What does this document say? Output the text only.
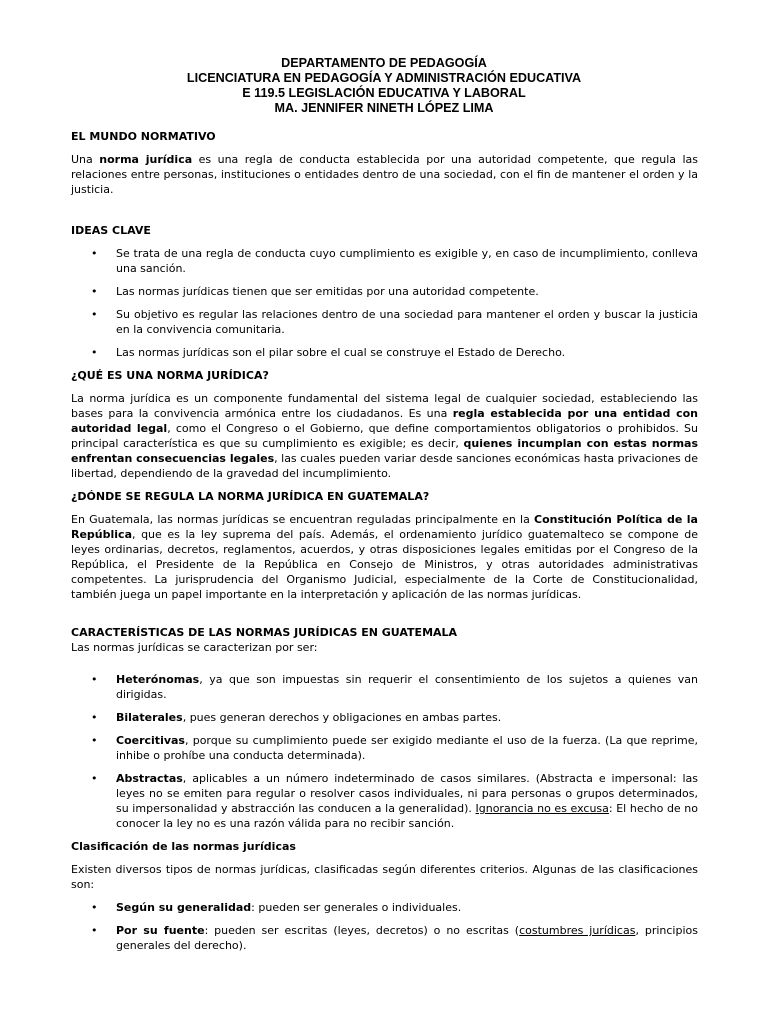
DEPARTAMENTO DE PEDAGOGÍA
LICENCIATURA EN PEDAGOGÍA Y ADMINISTRACIÓN EDUCATIVA
E 119.5 LEGISLACIÓN EDUCATIVA Y LABORAL
MA. JENNIFER NINETH LÓPEZ LIMA

EL MUNDO NORMATIVO

Una norma jurídica es una regla de conducta establecida por una autoridad competente, que regula las relaciones entre personas, instituciones o entidades dentro de una sociedad, con el fin de mantener el orden y la justicia.

IDEAS CLAVE

• Se trata de una regla de conducta cuyo cumplimiento es exigible y, en caso de incumplimiento, conlleva una sanción.
• Las normas jurídicas tienen que ser emitidas por una autoridad competente.
• Su objetivo es regular las relaciones dentro de una sociedad para mantener el orden y buscar la justicia en la convivencia comunitaria.
• Las normas jurídicas son el pilar sobre el cual se construye el Estado de Derecho.

¿QUÉ ES UNA NORMA JURÍDICA?

La norma jurídica es un componente fundamental del sistema legal de cualquier sociedad, estableciendo las bases para la convivencia armónica entre los ciudadanos. Es una regla establecida por una entidad con autoridad legal, como el Congreso o el Gobierno, que define comportamientos obligatorios o prohibidos. Su principal característica es que su cumplimiento es exigible; es decir, quienes incumplan con estas normas enfrentan consecuencias legales, las cuales pueden variar desde sanciones económicas hasta privaciones de libertad, dependiendo de la gravedad del incumplimiento.

¿DÓNDE SE REGULA LA NORMA JURÍDICA EN GUATEMALA?

En Guatemala, las normas jurídicas se encuentran reguladas principalmente en la Constitución Política de la República, que es la ley suprema del país. Además, el ordenamiento jurídico guatemalteco se compone de leyes ordinarias, decretos, reglamentos, acuerdos, y otras disposiciones legales emitidas por el Congreso de la República, el Presidente de la República en Consejo de Ministros, y otras autoridades administrativas competentes. La jurisprudencia del Organismo Judicial, especialmente de la Corte de Constitucionalidad, también juega un papel importante en la interpretación y aplicación de las normas jurídicas.

CARACTERÍSTICAS DE LAS NORMAS JURÍDICAS EN GUATEMALA

Las normas jurídicas se caracterizan por ser:

• Heterónomas, ya que son impuestas sin requerir el consentimiento de los sujetos a quienes van dirigidas.
• Bilaterales, pues generan derechos y obligaciones en ambas partes.
• Coercitivas, porque su cumplimiento puede ser exigido mediante el uso de la fuerza. (La que reprime, inhibe o prohíbe una conducta determinada).
• Abstractas, aplicables a un número indeterminado de casos similares. (Abstracta e impersonal: las leyes no se emiten para regular o resolver casos individuales, ni para personas o grupos determinados, su impersonalidad y abstracción las conducen a la generalidad). Ignorancia no es excusa: El hecho de no conocer la ley no es una razón válida para no recibir sanción.

Clasificación de las normas jurídicas

Existen diversos tipos de normas jurídicas, clasificadas según diferentes criterios. Algunas de las clasificaciones son:

• Según su generalidad: pueden ser generales o individuales.
• Por su fuente: pueden ser escritas (leyes, decretos) o no escritas (costumbres jurídicas, principios generales del derecho).
